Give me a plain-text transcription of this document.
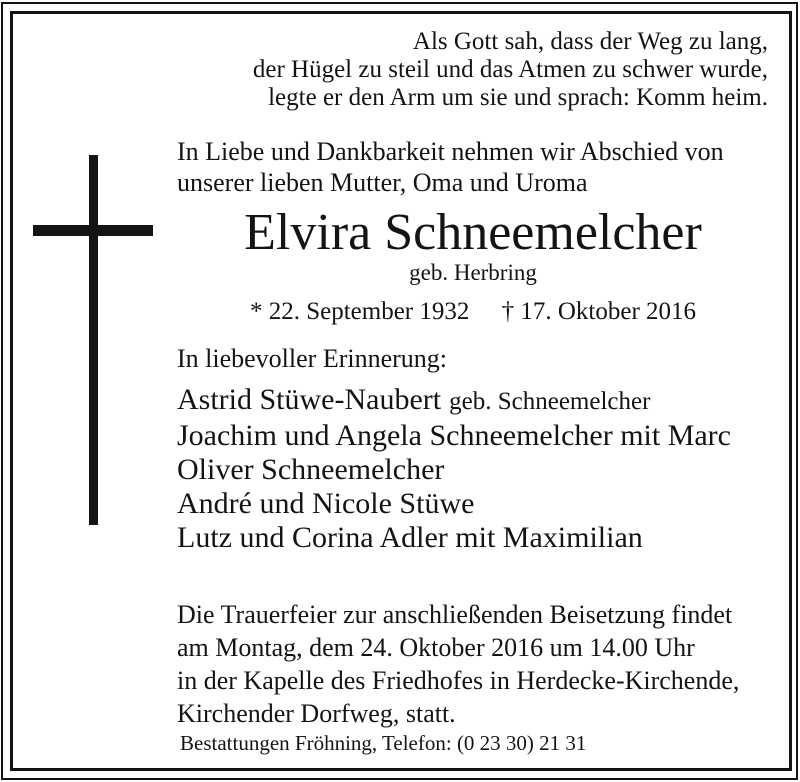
Als Gott sah, dass der Weg zu lang,
der Hügel zu steil und das Atmen zu schwer wurde,
legte er den Arm um sie und sprach: Komm heim.
In Liebe und Dankbarkeit nehmen wir Abschied von
unserer lieben Mutter, Oma und Uroma
Elvira Schneemelcher
geb. Herbring
* 22. September 1932 † 17. Oktober 2016
In liebevoller Erinnerung:
Astrid Stüwe-Naubert geb. Schneemelcher
Joachim und Angela Schneemelcher mit Marc
Oliver Schneemelcher
André und Nicole Stüwe
Lutz und Corina Adler mit Maximilian
Die Trauerfeier zur anschließenden Beisetzung findet
am Montag, dem 24. Oktober 2016 um 14.00 Uhr
in der Kapelle des Friedhofes in Herdecke-Kirchende,
Kirchender Dorfweg, statt.
Bestattungen Fröhning, Telefon: (0 23 30) 21 31
